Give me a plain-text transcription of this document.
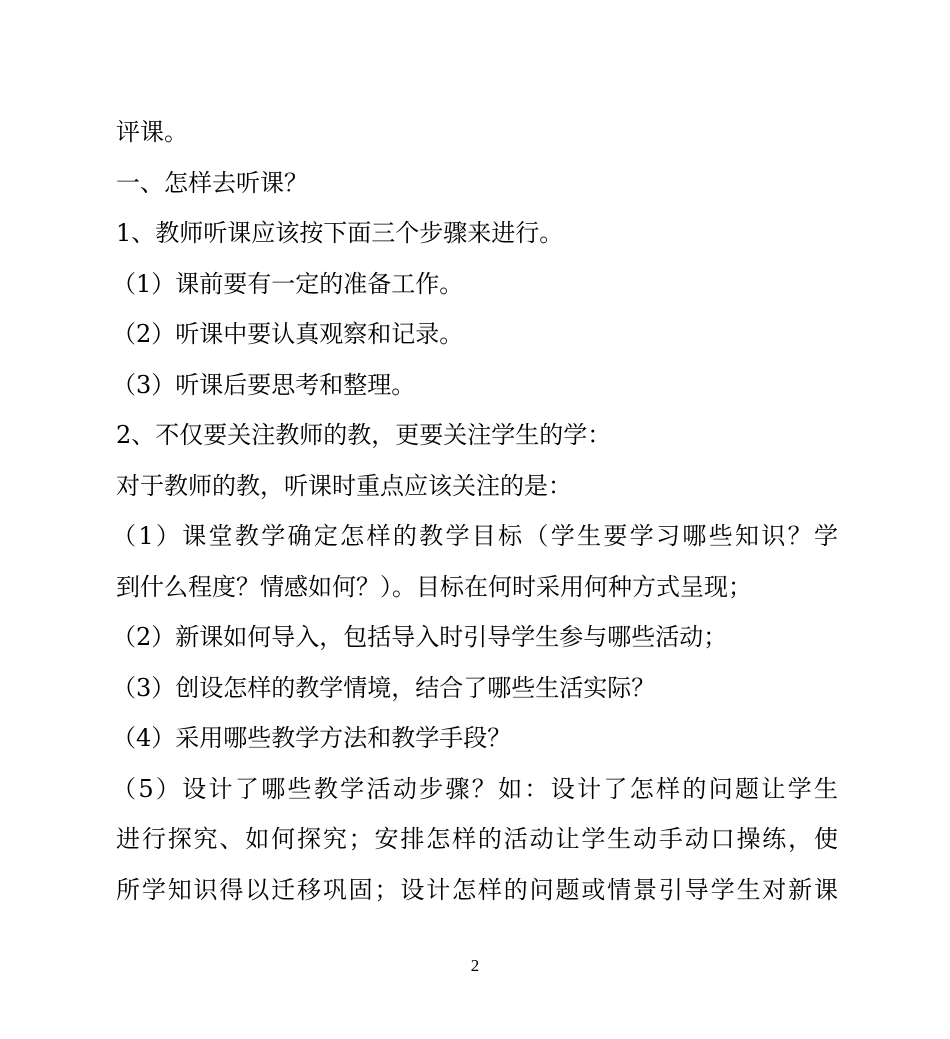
评课。
一、怎样去听课？
1、教师听课应该按下面三个步骤来进行。
（1）课前要有一定的准备工作。
（2）听课中要认真观察和记录。
（3）听课后要思考和整理。
2、不仅要关注教师的教，更要关注学生的学：
对于教师的教，听课时重点应该关注的是：
（1）课堂教学确定怎样的教学目标（学生要学习哪些知识？学
到什么程度？情感如何？）。目标在何时采用何种方式呈现；
（2）新课如何导入，包括导入时引导学生参与哪些活动；
（3）创设怎样的教学情境，结合了哪些生活实际？
（4）采用哪些教学方法和教学手段？
（5）设计了哪些教学活动步骤？如：设计了怎样的问题让学生
进行探究、如何探究；安排怎样的活动让学生动手动口操练，使
所学知识得以迁移巩固；设计怎样的问题或情景引导学生对新课
2
